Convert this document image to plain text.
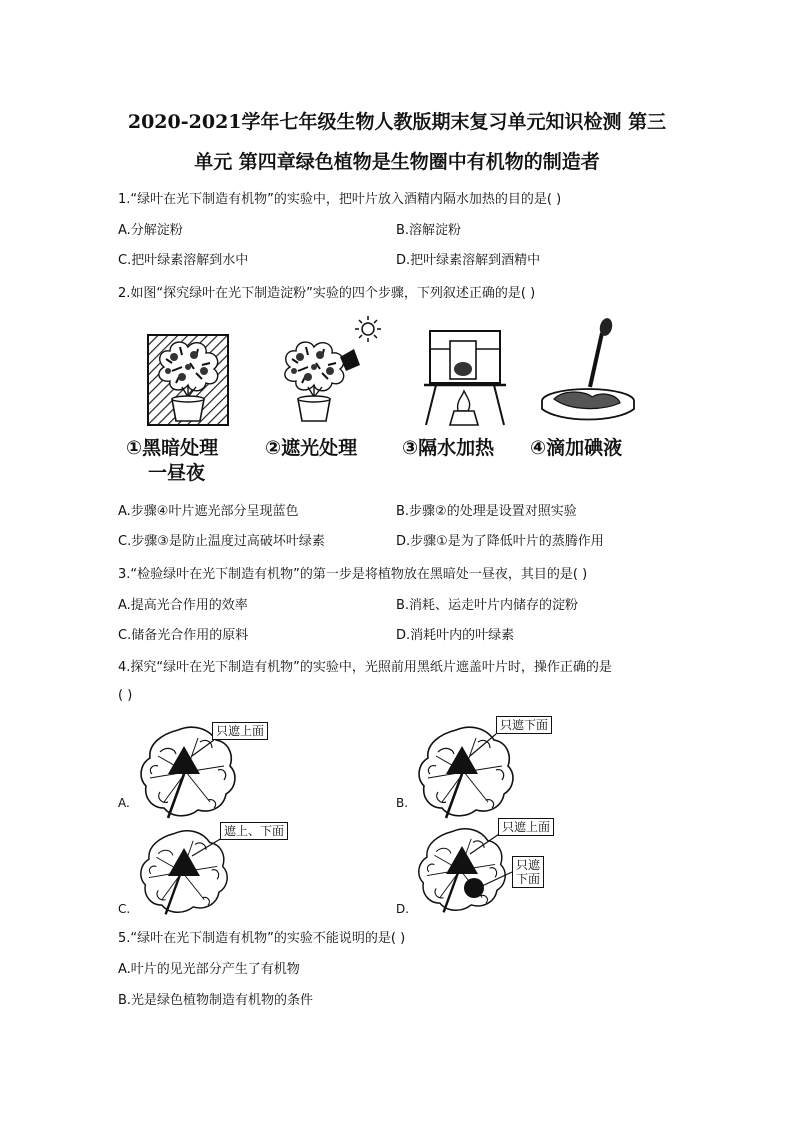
2020-2021学年七年级生物人教版期末复习单元知识检测 第三
单元 第四章绿色植物是生物圈中有机物的制造者
1.“绿叶在光下制造有机物”的实验中，把叶片放入酒精内隔水加热的目的是( )
A.分解淀粉	B.溶解淀粉
C.把叶绿素溶解到水中	D.把叶绿素溶解到酒精中
2.如图“探究绿叶在光下制造淀粉”实验的四个步骤，下列叙述正确的是( )
①黑暗处理
一昼夜
②遮光处理 ③隔水加热 ④滴加碘液
A.步骤④叶片遮光部分呈现蓝色	B.步骤②的处理是设置对照实验
C.步骤③是防止温度过高破坏叶绿素	D.步骤①是为了降低叶片的蒸腾作用
3.“检验绿叶在光下制造有机物”的第一步是将植物放在黑暗处一昼夜，其目的是( )
A.提高光合作用的效率	B.消耗、运走叶片内储存的淀粉
C.储备光合作用的原料	D.消耗叶内的叶绿素
4.探究“绿叶在光下制造有机物”的实验中，光照前用黑纸片遮盖叶片时，操作正确的是
( )
只遮上面
A.
只遮下面
B.
遮上、下面
C.
只遮上面
只遮
下面
D.
5.“绿叶在光下制造有机物”的实验不能说明的是( )
A.叶片的见光部分产生了有机物
B.光是绿色植物制造有机物的条件
